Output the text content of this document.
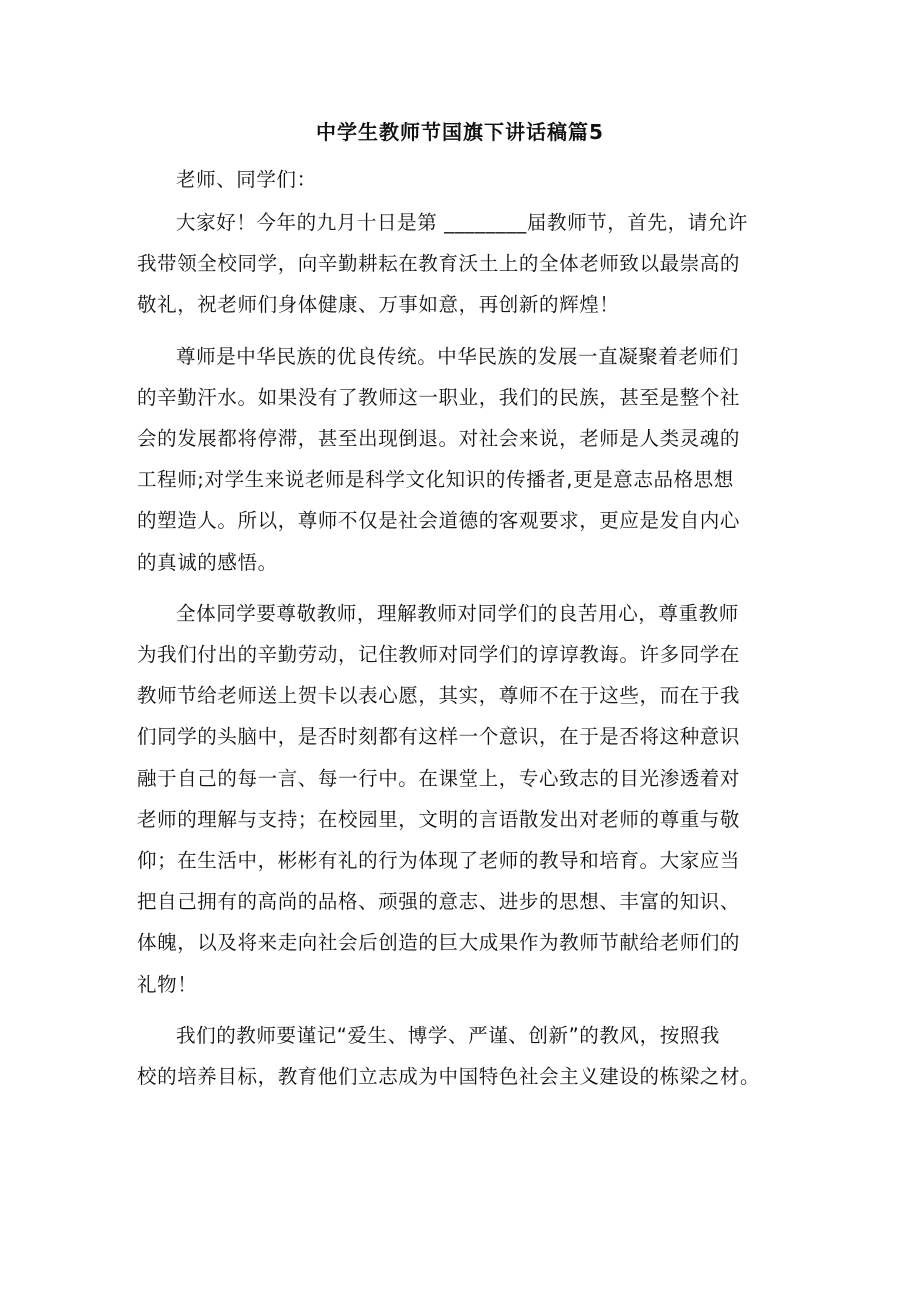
中学生教师节国旗下讲话稿篇5

老师、同学们：

大家好！今年的九月十日是第 ________届教师节，首先，请允许
我带领全校同学，向辛勤耕耘在教育沃土上的全体老师致以最崇高的
敬礼，祝老师们身体健康、万事如意，再创新的辉煌！

尊师是中华民族的优良传统。中华民族的发展一直凝聚着老师们
的辛勤汗水。如果没有了教师这一职业，我们的民族，甚至是整个社
会的发展都将停滞，甚至出现倒退。对社会来说，老师是人类灵魂的
工程师;对学生来说老师是科学文化知识的传播者,更是意志品格思想
的塑造人。所以，尊师不仅是社会道德的客观要求，更应是发自内心
的真诚的感悟。

全体同学要尊敬教师，理解教师对同学们的良苦用心，尊重教师
为我们付出的辛勤劳动，记住教师对同学们的谆谆教诲。许多同学在
教师节给老师送上贺卡以表心愿，其实，尊师不在于这些，而在于我
们同学的头脑中，是否时刻都有这样一个意识，在于是否将这种意识
融于自己的每一言、每一行中。在课堂上，专心致志的目光渗透着对
老师的理解与支持；在校园里，文明的言语散发出对老师的尊重与敬
仰；在生活中，彬彬有礼的行为体现了老师的教导和培育。大家应当
把自己拥有的高尚的品格、顽强的意志、进步的思想、丰富的知识、
体魄，以及将来走向社会后创造的巨大成果作为教师节献给老师们的
礼物！

我们的教师要谨记“爱生、博学、严谨、创新”的教风，按照我
校的培养目标，教育他们立志成为中国特色社会主义建设的栋梁之材。
